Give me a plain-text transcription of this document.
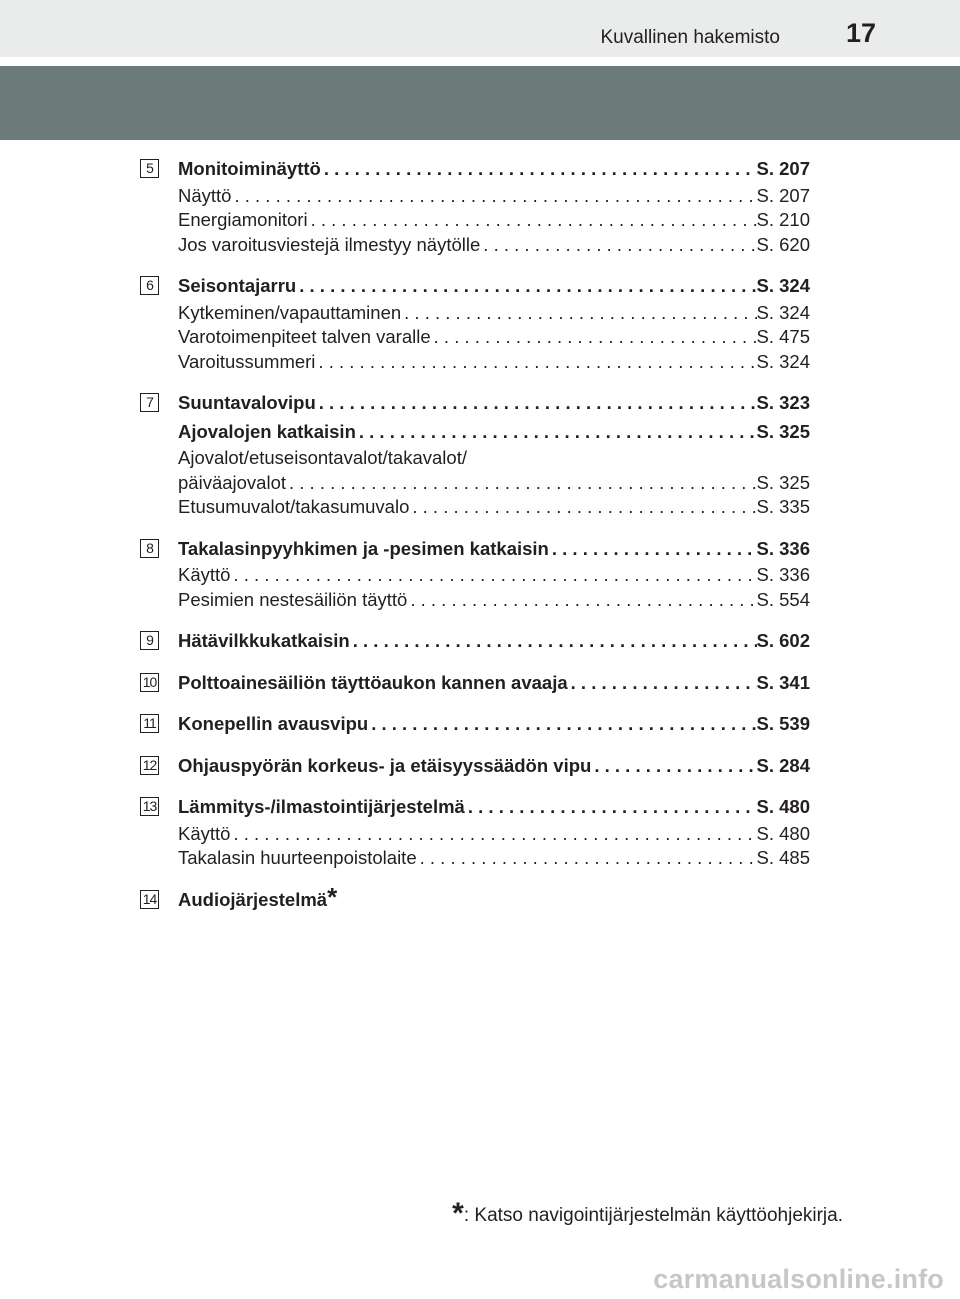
Kuvallinen hakemisto 17
5	Monitoiminäyttö . . .	S. 207
Näyttö . . .	S. 207
Energiamonitori . . .	S. 210
Jos varoitusviestejä ilmestyy näytölle . . .	S. 620
6	Seisontajarru . . .	S. 324
Kytkeminen/vapauttaminen . . .	S. 324
Varotoimenpiteet talven varalle . . .	S. 475
Varoitussummeri . . .	S. 324
7	Suuntavalovipu . . .	S. 323
Ajovalojen katkaisin . . .	S. 325
Ajovalot/etuseisontavalot/takavalot/
päiväajovalot . . .	S. 325
Etusumuvalot/takasumuvalo . . .	S. 335
8	Takalasinpyyhkimen ja -pesimen katkaisin . . .	S. 336
Käyttö . . .	S. 336
Pesimien nestesäiliön täyttö . . .	S. 554
9	Hätävilkkukatkaisin . . .	S. 602
10 Polttoainesäiliön täyttöaukon kannen avaaja . . .	S. 341
11 Konepellin avausvipu . . .	S. 539
12 Ohjauspyörän korkeus- ja etäisyyssäädön vipu . . .	S. 284
13 Lämmitys-/ilmastointijärjestelmä . . .	S. 480
Käyttö . . .	S. 480
Takalasin huurteenpoistolaite . . .	S. 485
14 Audiojärjestelmä *
*: Katso navigointijärjestelmän käyttöohjekirja.
carmanualsonline.info
